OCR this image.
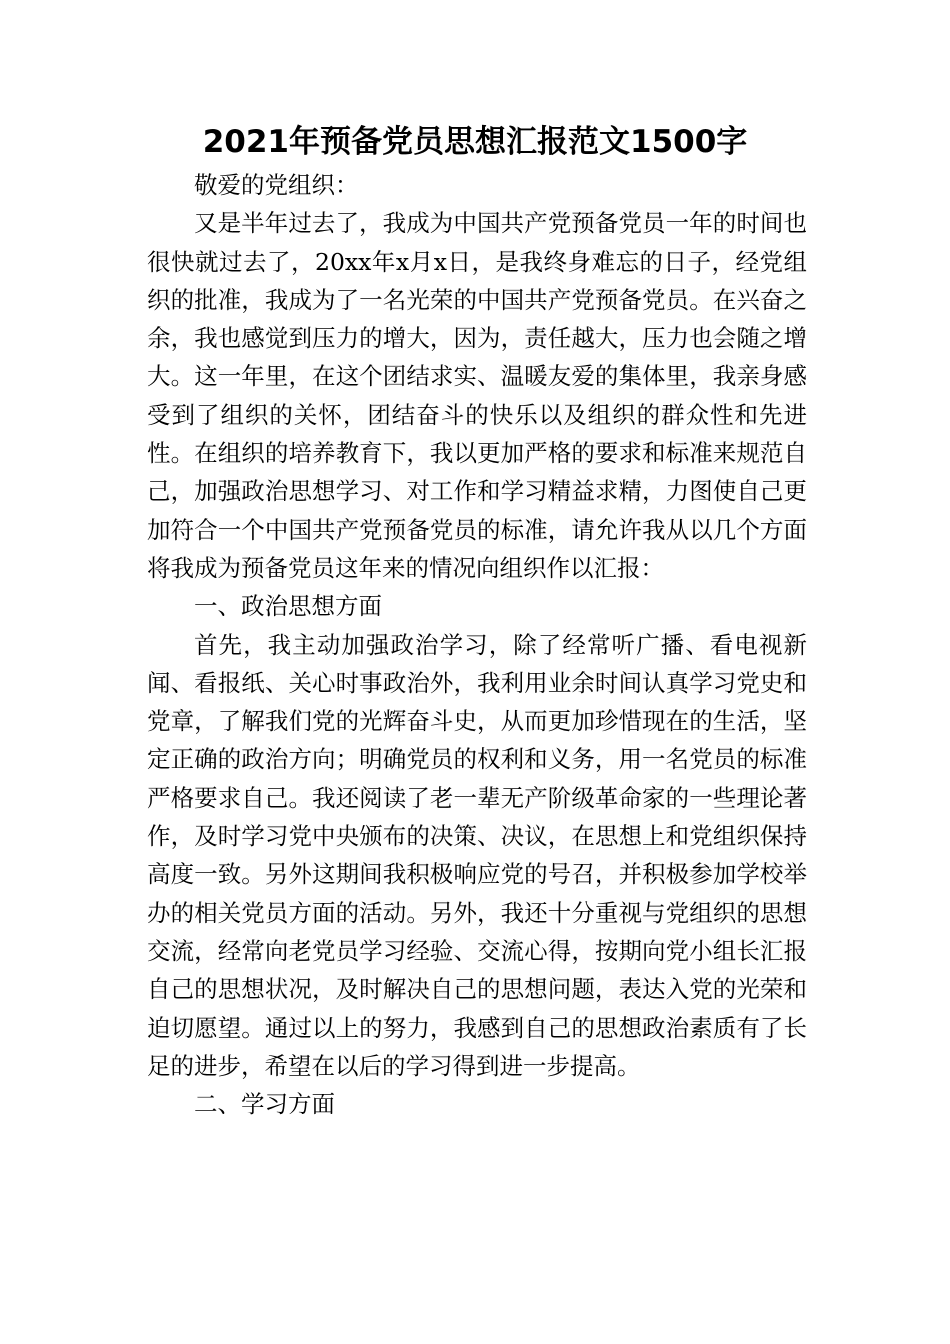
2021年预备党员思想汇报范文1500字

敬爱的党组织：

又是半年过去了，我成为中国共产党预备党员一年的时间也很快就过去了，20xx年x月x日，是我终身难忘的日子，经党组织的批准，我成为了一名光荣的中国共产党预备党员。在兴奋之余，我也感觉到压力的增大，因为，责任越大，压力也会随之增大。这一年里，在这个团结求实、温暖友爱的集体里，我亲身感受到了组织的关怀，团结奋斗的快乐以及组织的群众性和先进性。在组织的培养教育下，我以更加严格的要求和标准来规范自己，加强政治思想学习、对工作和学习精益求精，力图使自己更加符合一个中国共产党预备党员的标准，请允许我从以几个方面将我成为预备党员这年来的情况向组织作以汇报：

一、政治思想方面

首先，我主动加强政治学习，除了经常听广播、看电视新闻、看报纸、关心时事政治外，我利用业余时间认真学习党史和党章，了解我们党的光辉奋斗史，从而更加珍惜现在的生活，坚定正确的政治方向；明确党员的权利和义务，用一名党员的标准严格要求自己。我还阅读了老一辈无产阶级革命家的一些理论著作，及时学习党中央颁布的决策、决议，在思想上和党组织保持高度一致。另外这期间我积极响应党的号召，并积极参加学校举办的相关党员方面的活动。另外，我还十分重视与党组织的思想交流，经常向老党员学习经验、交流心得，按期向党小组长汇报自己的思想状况，及时解决自己的思想问题，表达入党的光荣和迫切愿望。通过以上的努力，我感到自己的思想政治素质有了长足的进步，希望在以后的学习得到进一步提高。

二、学习方面
